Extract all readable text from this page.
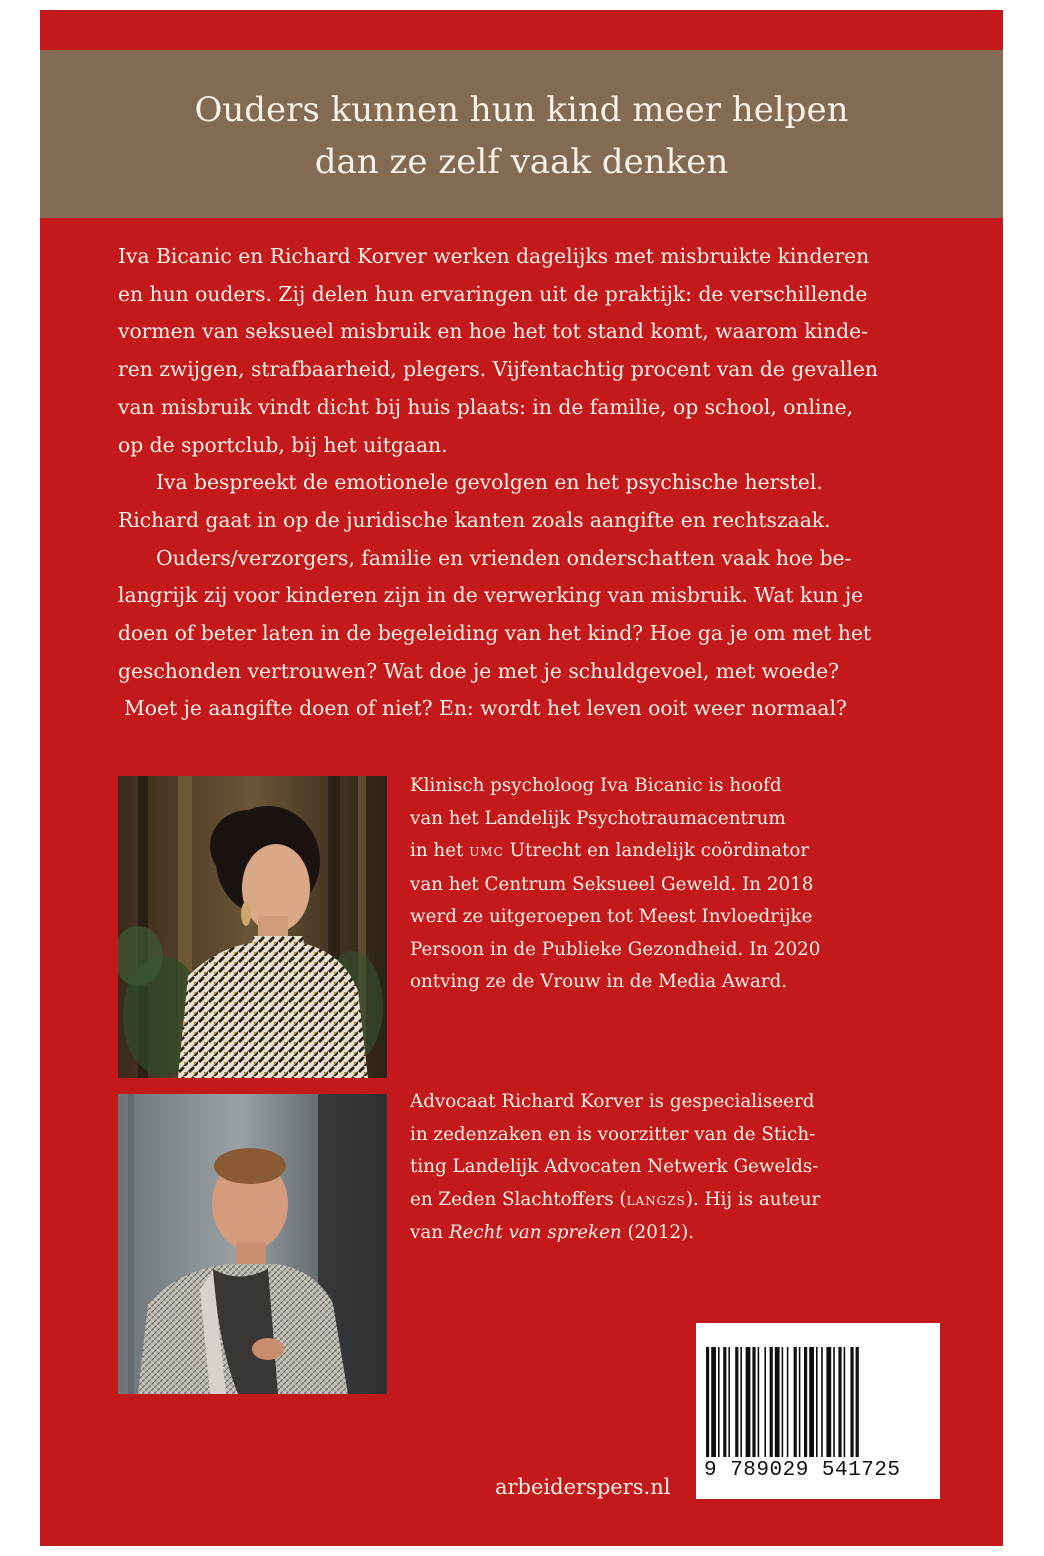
Ouders kunnen hun kind meer helpen
dan ze zelf vaak denken

Iva Bicanic en Richard Korver werken dagelijks met misbruikte kinderen
en hun ouders. Zij delen hun ervaringen uit de praktijk: de verschillende
vormen van seksueel misbruik en hoe het tot stand komt, waarom kinde-
ren zwijgen, strafbaarheid, plegers. Vijfentachtig procent van de gevallen
van misbruik vindt dicht bij huis plaats: in de familie, op school, online,
op de sportclub, bij het uitgaan.

Iva bespreekt de emotionele gevolgen en het psychische herstel.
Richard gaat in op de juridische kanten zoals aangifte en rechtszaak.

Ouders/verzorgers, familie en vrienden onderschatten vaak hoe be-
langrijk zij voor kinderen zijn in de verwerking van misbruik. Wat kun je
doen of beter laten in de begeleiding van het kind? Hoe ga je om met het
geschonden vertrouwen? Wat doe je met je schuldgevoel, met woede?
Moet je aangifte doen of niet? En: wordt het leven ooit weer normaal?

Klinisch psycholoog Iva Bicanic is hoofd
van het Landelijk Psychotraumacentrum
in het UMC Utrecht en landelijk coördinator
van het Centrum Seksueel Geweld. In 2018
werd ze uitgeroepen tot Meest Invloedrijke
Persoon in de Publieke Gezondheid. In 2020
ontving ze de Vrouw in de Media Award.
Advocaat Richard Korver is gespecialiseerd
in zedenzaken en is voorzitter van de Stich-
ting Landelijk Advocaten Netwerk Gewelds-
en Zeden Slachtoffers (LANGZS). Hij is auteur
van Recht van spreken (2012).

arbeiderspers.nl

9 789029 541725
